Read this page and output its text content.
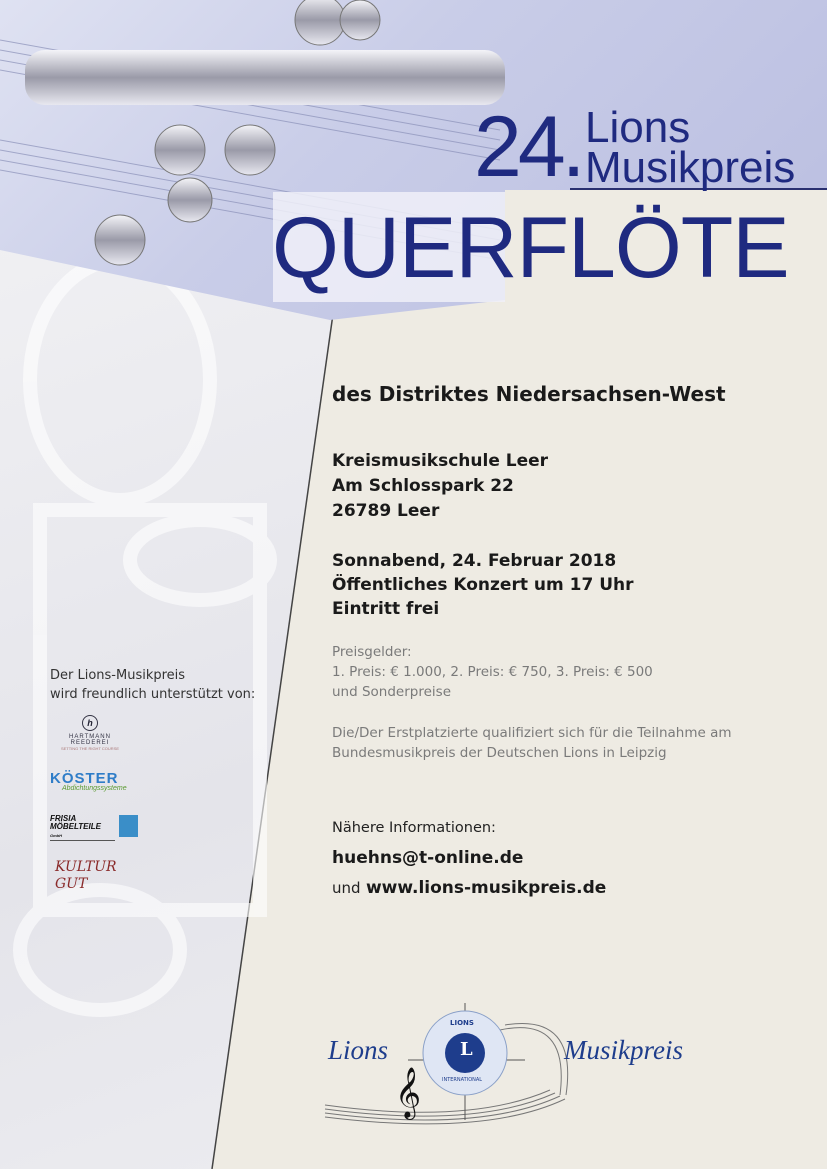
24. Lions
Musikpreis
QUERFLÖTE
des Distriktes Niedersachsen-West
Kreismusikschule Leer
Am Schlosspark 22
26789 Leer
Sonnabend, 24. Februar 2018
Öffentliches Konzert um 17 Uhr
Eintritt frei
Preisgelder:
1. Preis: € 1.000, 2. Preis: € 750, 3. Preis: € 500
und Sonderpreise
Die/Der Erstplatzierte qualifiziert sich für die Teilnahme am
Bundesmusikpreis der Deutschen Lions in Leipzig
Nähere Informationen:
huehns@t-online.de
und www.lions-musikpreis.de
Der Lions-Musikpreis
wird freundlich unterstützt von:
h
HARTMANN REEDEREI
SETTING THE RIGHT COURSE
KÖSTER
Abdichtungssysteme
FRISIA MÖBELTEILE GmbH
KULTUR GUT
L
LIONS
INTERNATIONAL
Lions	Musikpreis
𝄞
